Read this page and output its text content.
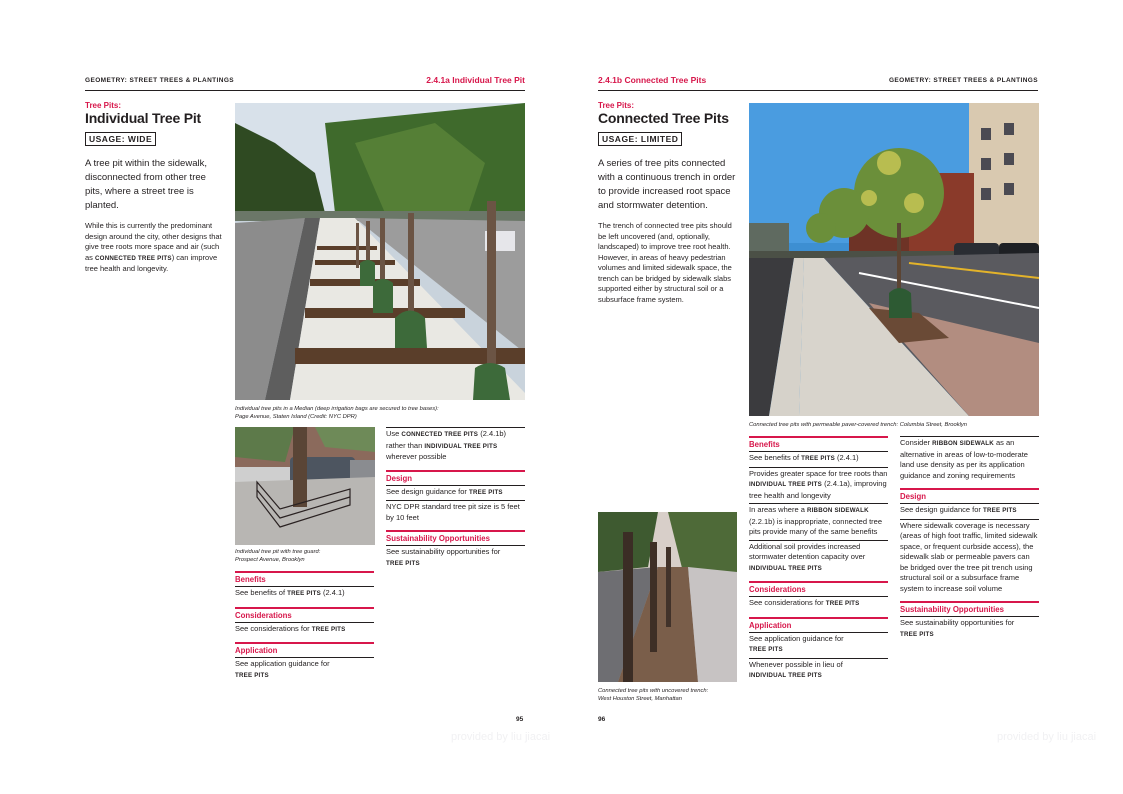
GEOMETRY: STREET TREES & PLANTINGS	2.4.1a Individual Tree Pit
Tree Pits:
Individual Tree Pit
USAGE: WIDE
A tree pit within the sidewalk, disconnected from other tree pits, where a street tree is planted.
While this is currently the predominant design around the city, other designs that give tree roots more space and air (such as CONNECTED TREE PITS) can improve tree health and longevity.
Individual tree pits in a Median (deep irrigation bags are secured to tree bases):
Page Avenue, Staten Island (Credit: NYC DPR)
Individual tree pit with tree guard:
Prospect Avenue, Brooklyn
Benefits
See benefits of TREE PITS (2.4.1)
Considerations
See considerations for TREE PITS
Application
See application guidance for
TREE PITS
Use CONNECTED TREE PITS (2.4.1b) rather than INDIVIDUAL TREE PITS wherever possible
Design
See design guidance for TREE PITS
NYC DPR standard tree pit size is 5 feet by 10 feet
Sustainability Opportunities
See sustainability opportunities for
TREE PITS
95
provided by liu jiacai
2.4.1b Connected Tree Pits	GEOMETRY: STREET TREES & PLANTINGS
Tree Pits:
Connected Tree Pits
USAGE: LIMITED
A series of tree pits connected with a continuous trench in order to provide increased root space and stormwater detention.
The trench of connected tree pits should be left uncovered (and, optionally, landscaped) to improve tree root health. However, in areas of heavy pedestrian volumes and limited sidewalk space, the trench can be bridged by sidewalk slabs supported either by structural soil or a subsurface frame system.
Connected tree pits with permeable paver-covered trench: Columbia Street, Brooklyn
Connected tree pits with uncovered trench:
West Houston Street, Manhattan
Benefits
See benefits of TREE PITS (2.4.1)
Provides greater space for tree roots than INDIVIDUAL TREE PITS (2.4.1a), improving tree health and longevity
In areas where a RIBBON SIDEWALK (2.2.1b) is inappropriate, connected tree pits provide many of the same benefits
Additional soil provides increased stormwater detention capacity over
INDIVIDUAL TREE PITS
Considerations
See considerations for TREE PITS
Application
See application guidance for
TREE PITS
Whenever possible in lieu of
INDIVIDUAL TREE PITS
Consider RIBBON SIDEWALK as an alternative in areas of low-to-moderate land use density as per its application guidance and zoning requirements
Design
See design guidance for TREE PITS
Where sidewalk coverage is necessary (areas of high foot traffic, limited sidewalk space, or frequent curbside access), the sidewalk slab or permeable pavers can be bridged over the tree pit trench using structural soil or a subsurface frame system to increase soil volume
Sustainability Opportunities
See sustainability opportunities for
TREE PITS
96
provided by liu jiacai
